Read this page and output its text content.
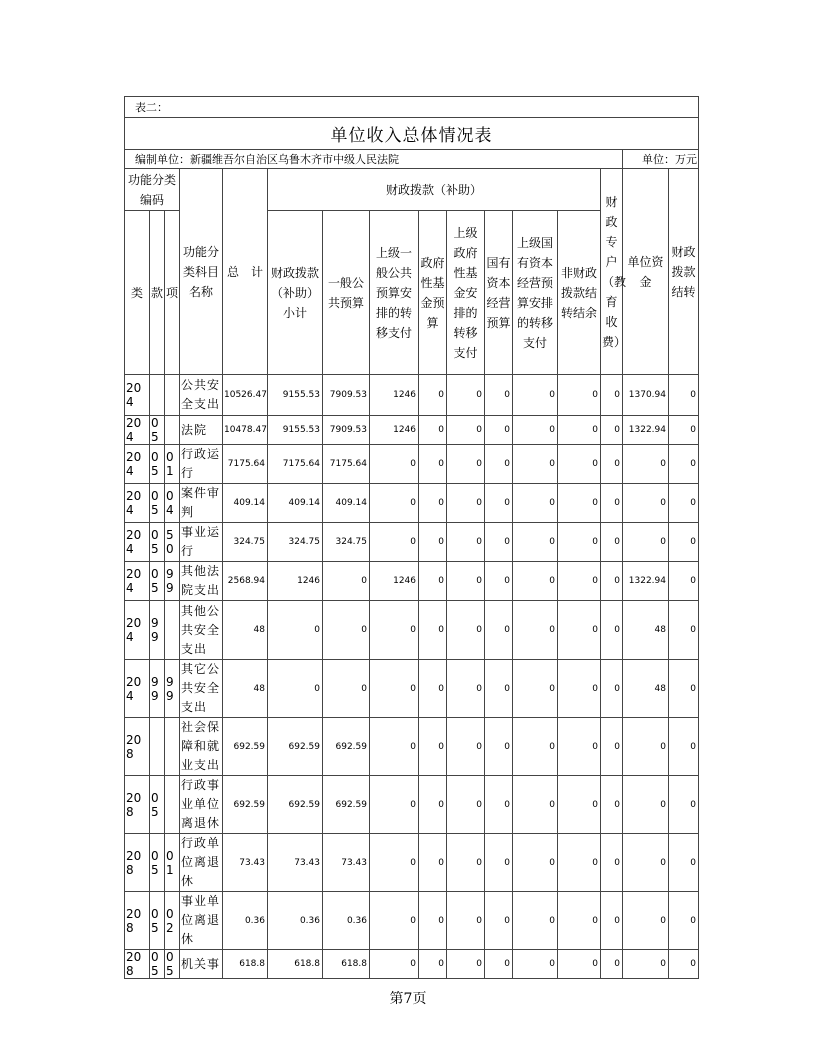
表二：															
单位收入总体情况表															
编制单位：新疆维吾尔自治区乌鲁木齐市中级人民法院														单位：万元	
功能分类编码			功能分类科目名称	总　计	财政拨款（补助）								财政专户（教育收费）	单位资金	财政拨款结转
类	款	项			财政拨款（补助）小计	一般公共预算	上级一般公共预算安排的转移支付	政府性基金预算	上级政府性基金安排的转移支付	国有资本经营预算	上级国有资本经营预算安排的转移支付	非财政拨款结转结余			
204			公共安全支出	10526.47	9155.53	7909.53	1246	0	0	0	0	0	0	1370.94	0
204	05		法院	10478.47	9155.53	7909.53	1246	0	0	0	0	0	0	1322.94	0
204	05	01	行政运行	7175.64	7175.64	7175.64	0	0	0	0	0	0	0	0	0
204	05	04	案件审判	409.14	409.14	409.14	0	0	0	0	0	0	0	0	0
204	05	50	事业运行	324.75	324.75	324.75	0	0	0	0	0	0	0	0	0
204	05	99	其他法院支出	2568.94	1246	0	1246	0	0	0	0	0	0	1322.94	0
204	99		其他公共安全支出	48	0	0	0	0	0	0	0	0	0	48	0
204	99	99	其它公共安全支出	48	0	0	0	0	0	0	0	0	0	48	0
208			社会保障和就业支出	692.59	692.59	692.59	0	0	0	0	0	0	0	0	0
208	05		行政事业单位离退休	692.59	692.59	692.59	0	0	0	0	0	0	0	0	0
208	05	01	行政单位离退休	73.43	73.43	73.43	0	0	0	0	0	0	0	0	0
208	05	02	事业单位离退休	0.36	0.36	0.36	0	0	0	0	0	0	0	0	0
208	05	05	机关事	618.8	618.8	618.8	0	0	0	0	0	0	0	0	0
第7页
